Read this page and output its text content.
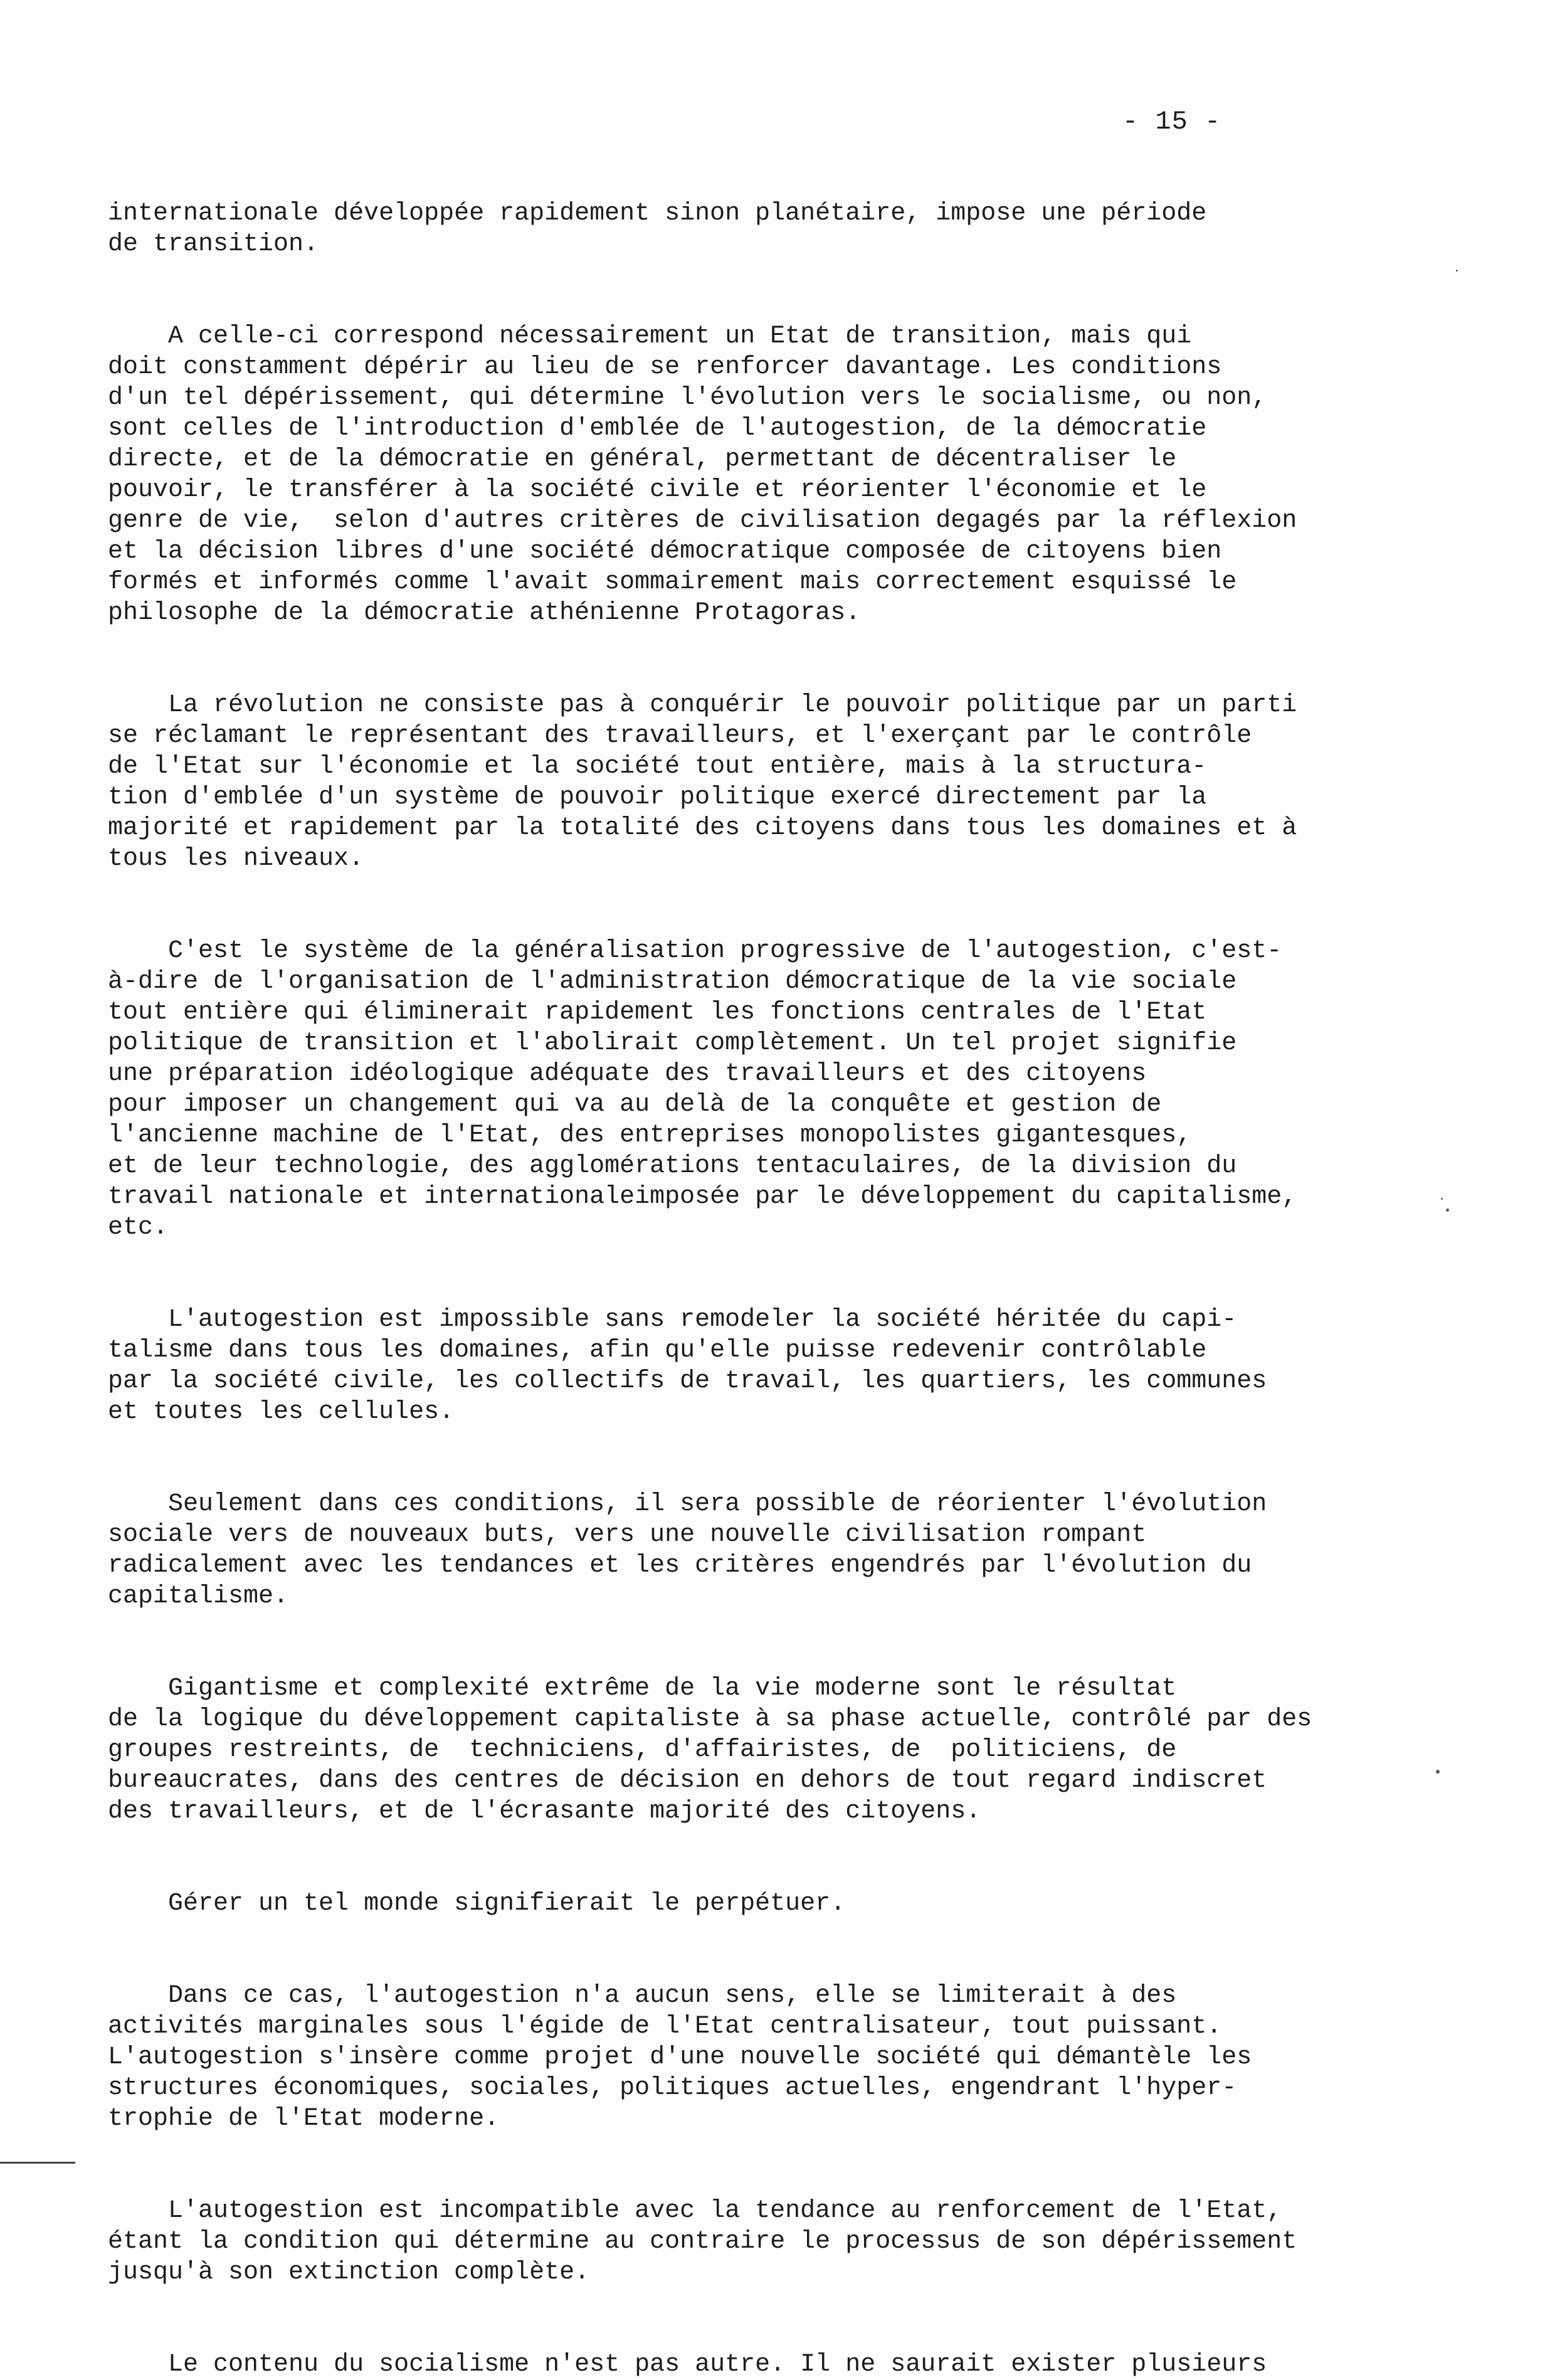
- 15 -
internationale développée rapidement sinon planétaire, impose une période
de transition.
A celle-ci correspond nécessairement un Etat de transition, mais qui
doit constamment dépérir au lieu de se renforcer davantage. Les conditions
d'un tel dépérissement, qui détermine l'évolution vers le socialisme, ou non,
sont celles de l'introduction d'emblée de l'autogestion, de la démocratie
directe, et de la démocratie en général, permettant de décentraliser le
pouvoir, le transférer à la société civile et réorienter l'économie et le
genre de vie,  selon d'autres critères de civilisation degagés par la réflexion
et la décision libres d'une société démocratique composée de citoyens bien
formés et informés comme l'avait sommairement mais correctement esquissé le
philosophe de la démocratie athénienne Protagoras.
La révolution ne consiste pas à conquérir le pouvoir politique par un parti
se réclamant le représentant des travailleurs, et l'exerçant par le contrôle
de l'Etat sur l'économie et la société tout entière, mais à la structura-
tion d'emblée d'un système de pouvoir politique exercé directement par la
majorité et rapidement par la totalité des citoyens dans tous les domaines et à
tous les niveaux.
C'est le système de la généralisation progressive de l'autogestion, c'est-
à-dire de l'organisation de l'administration démocratique de la vie sociale
tout entière qui éliminerait rapidement les fonctions centrales de l'Etat
politique de transition et l'abolirait complètement. Un tel projet signifie
une préparation idéologique adéquate des travailleurs et des citoyens
pour imposer un changement qui va au delà de la conquête et gestion de
l'ancienne machine de l'Etat, des entreprises monopolistes gigantesques,
et de leur technologie, des agglomérations tentaculaires, de la division du
travail nationale et internationaleimposée par le développement du capitalisme,
etc.
L'autogestion est impossible sans remodeler la société héritée du capi-
talisme dans tous les domaines, afin qu'elle puisse redevenir contrôlable
par la société civile, les collectifs de travail, les quartiers, les communes
et toutes les cellules.
Seulement dans ces conditions, il sera possible de réorienter l'évolution
sociale vers de nouveaux buts, vers une nouvelle civilisation rompant
radicalement avec les tendances et les critères engendrés par l'évolution du
capitalisme.
Gigantisme et complexité extrême de la vie moderne sont le résultat
de la logique du développement capitaliste à sa phase actuelle, contrôlé par des
groupes restreints, de  techniciens, d'affairistes, de  politiciens, de
bureaucrates, dans des centres de décision en dehors de tout regard indiscret
des travailleurs, et de l'écrasante majorité des citoyens.
Gérer un tel monde signifierait le perpétuer.
Dans ce cas, l'autogestion n'a aucun sens, elle se limiterait à des
activités marginales sous l'égide de l'Etat centralisateur, tout puissant.
L'autogestion s'insère comme projet d'une nouvelle société qui démantèle les
structures économiques, sociales, politiques actuelles, engendrant l'hyper-
trophie de l'Etat moderne.
L'autogestion est incompatible avec la tendance au renforcement de l'Etat,
étant la condition qui détermine au contraire le processus de son dépérissement
jusqu'à son extinction complète.
Le contenu du socialisme n'est pas autre. Il ne saurait exister plusieurs
